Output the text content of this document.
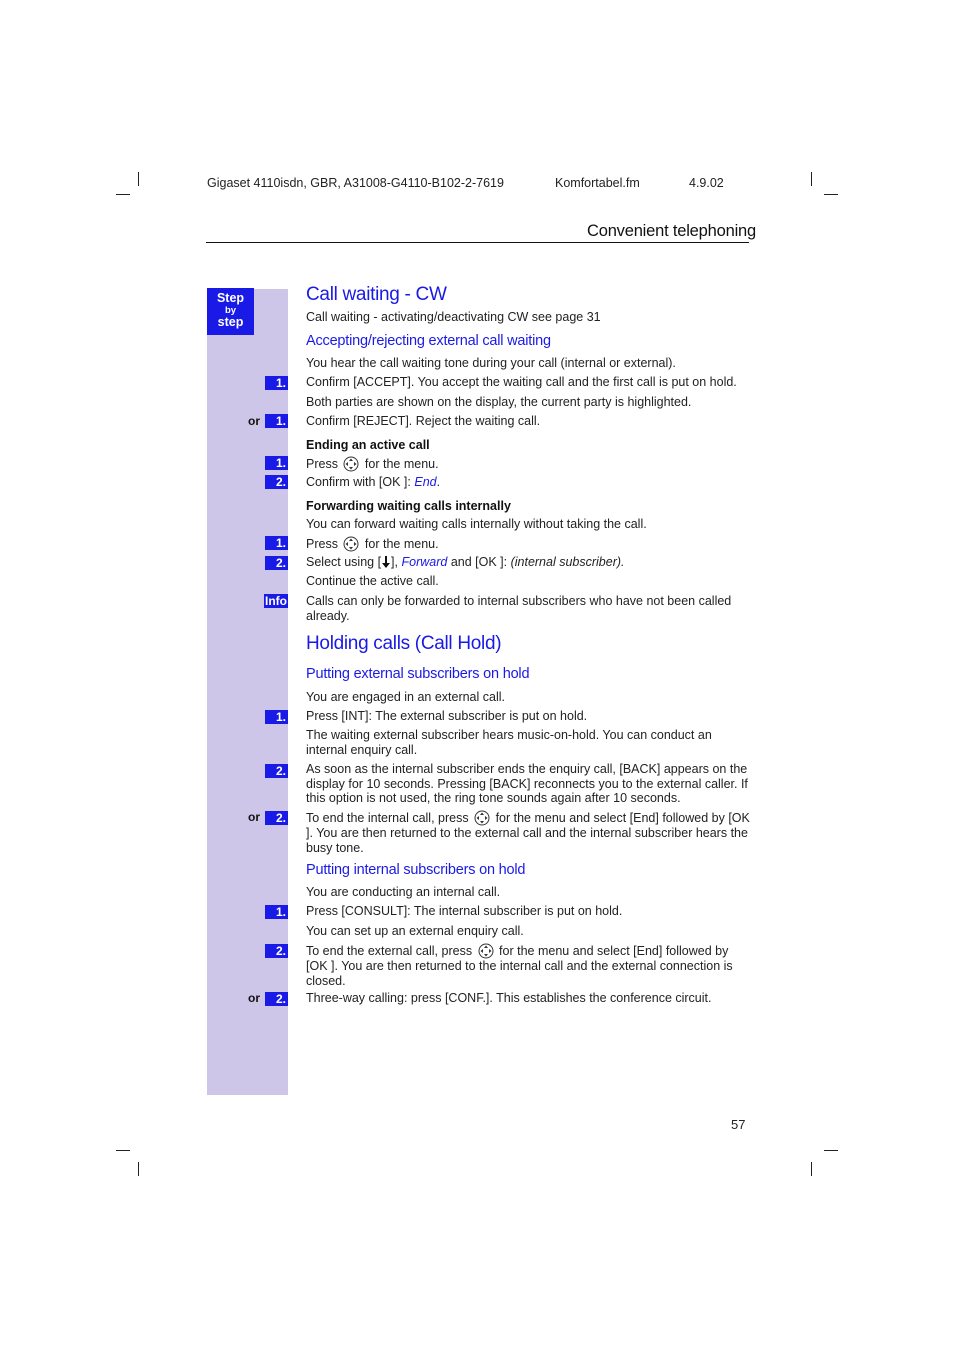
Gigaset 4110isdn, GBR, A31008-G4110-B102-2-7619	Komfortabel.fm	4.9.02
Convenient telephoning
Step
by
step
Call waiting - CW
Call waiting - activating/deactivating CW see page 31
Accepting/rejecting external call waiting
You hear the call waiting tone during your call (internal or external).
1. Confirm [ACCEPT]. You accept the waiting call and the first call is put on hold.
Both parties are shown on the display, the current party is highlighted.
or	1. Confirm [REJECT]. Reject the waiting call.
Ending an active call
1. Press for the menu.
2. Confirm with [OK ]: End.
Forwarding waiting calls internally
You can forward waiting calls internally without taking the call.
1. Press for the menu.
2. Select using [ ], Forward and [OK ]: (internal subscriber).
Continue the active call.
Info Calls can only be forwarded to internal subscribers who have not been called already.
Holding calls (Call Hold)
Putting external subscribers on hold
You are engaged in an external call.
1. Press [INT]: The external subscriber is put on hold.
The waiting external subscriber hears music-on-hold. You can conduct an internal enquiry call.
2. As soon as the internal subscriber ends the enquiry call, [BACK] appears on the display for 10 seconds. Pressing [BACK] reconnects you to the external caller. If this option is not used, the ring tone sounds again after 10 seconds.
or	2. To end the internal call, press for the menu and select [End] followed by [OK ]. You are then returned to the external call and the internal subscriber hears the busy tone.
Putting internal subscribers on hold
You are conducting an internal call.
1. Press [CONSULT]: The internal subscriber is put on hold.
You can set up an external enquiry call.
2. To end the external call, press for the menu and select [End] followed by [OK ]. You are then returned to the internal call and the external connection is closed.
or	2. Three-way calling: press [CONF.]. This establishes the conference circuit.
57
